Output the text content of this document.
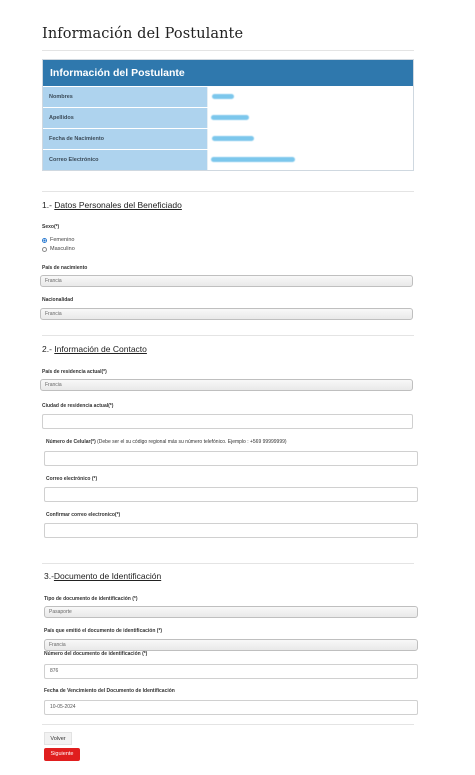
Información del Postulante
Información del Postulante
Nombres
Apellidos
Fecha de Nacimiento
Correo Electrónico
1.- Datos Personales del Beneficiado
Sexo(*)
Femenino
Masculino
País de nacimiento
Francia
Nacionalidad
Francia
2.- Información de Contacto
País de residencia actual(*)
Francia
Ciudad de residencia actual(*)
Número de Celular(*) (Debe ser el su código regional más su número telefónico. Ejemplo : +569 99999999)
Correo electrónico (*)
Confirmar correo electronico(*)
3.-Documento de Identificación
Tipo de documento de identificación (*)
Pasaporte
País que emitió el documento de identificación (*)
Francia
Número del documento de identificación (*)
876
Fecha de Vencimiento del Documento de Identificación
10-05-2024
Volver
Siguiente
